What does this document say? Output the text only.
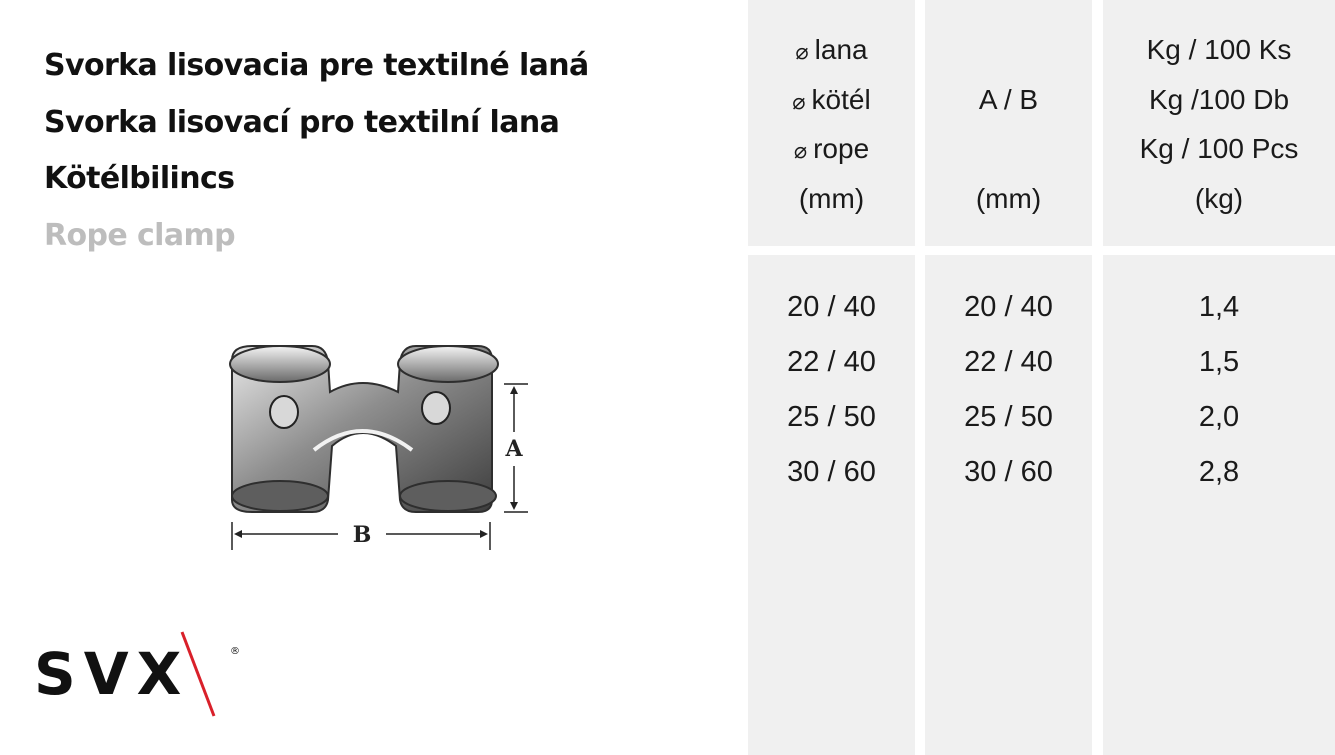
Svorka lisovacia pre textilné laná
Svorka lisovací pro textilní lana
Kötélbilincs
Rope clamp
A
B
SVX	®
⌀ lana
⌀ kötél
⌀ rope
(mm)
A / B
(mm)
Kg / 100 Ks
Kg /100 Db
Kg / 100 Pcs
(kg)
20 / 40
22 / 40
25 / 50
30 / 60
20 / 40
22 / 40
25 / 50
30 / 60
1,4
1,5
2,0
2,8
